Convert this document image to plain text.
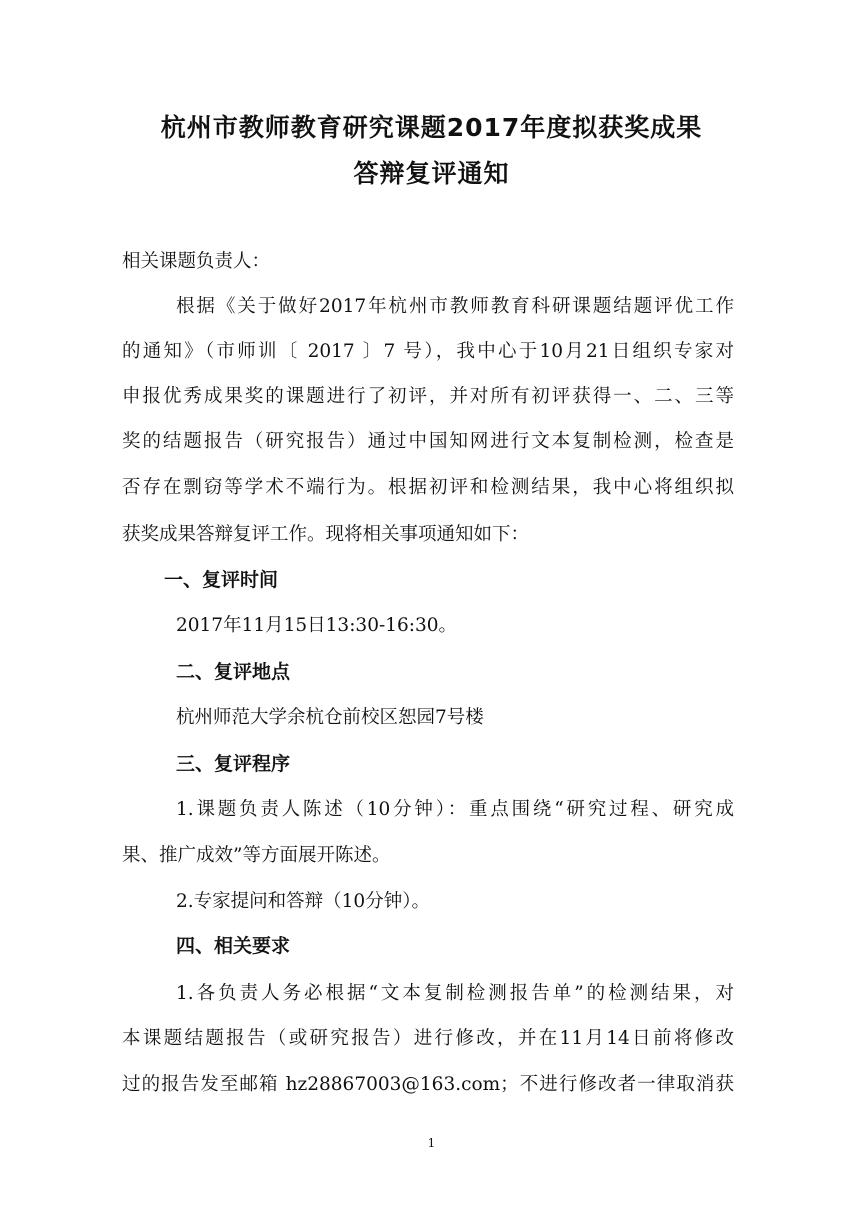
杭州市教师教育研究课题2017年度拟获奖成果
答辩复评通知
相关课题负责人：
根据《关于做好2017年杭州市教师教育科研课题结题评优工作
的通知》（市师训〔 2017 〕7 号），我中心于10月21日组织专家对
申报优秀成果奖的课题进行了初评，并对所有初评获得一、二、三等
奖的结题报告（研究报告）通过中国知网进行文本复制检测，检查是
否存在剽窃等学术不端行为。根据初评和检测结果，我中心将组织拟
获奖成果答辩复评工作。现将相关事项通知如下：
一、复评时间
2017年11月15日13:30-16:30。
二、复评地点
杭州师范大学余杭仓前校区恕园7号楼
三、复评程序
1.课题负责人陈述（10分钟）：重点围绕“研究过程、研究成
果、推广成效”等方面展开陈述。
2.专家提问和答辩（10分钟）。
四、相关要求
1.各负责人务必根据“文本复制检测报告单”的检测结果，对
本课题结题报告（或研究报告）进行修改，并在11月14日前将修改
过的报告发至邮箱 hz28867003@163.com；不进行修改者一律取消获
1
